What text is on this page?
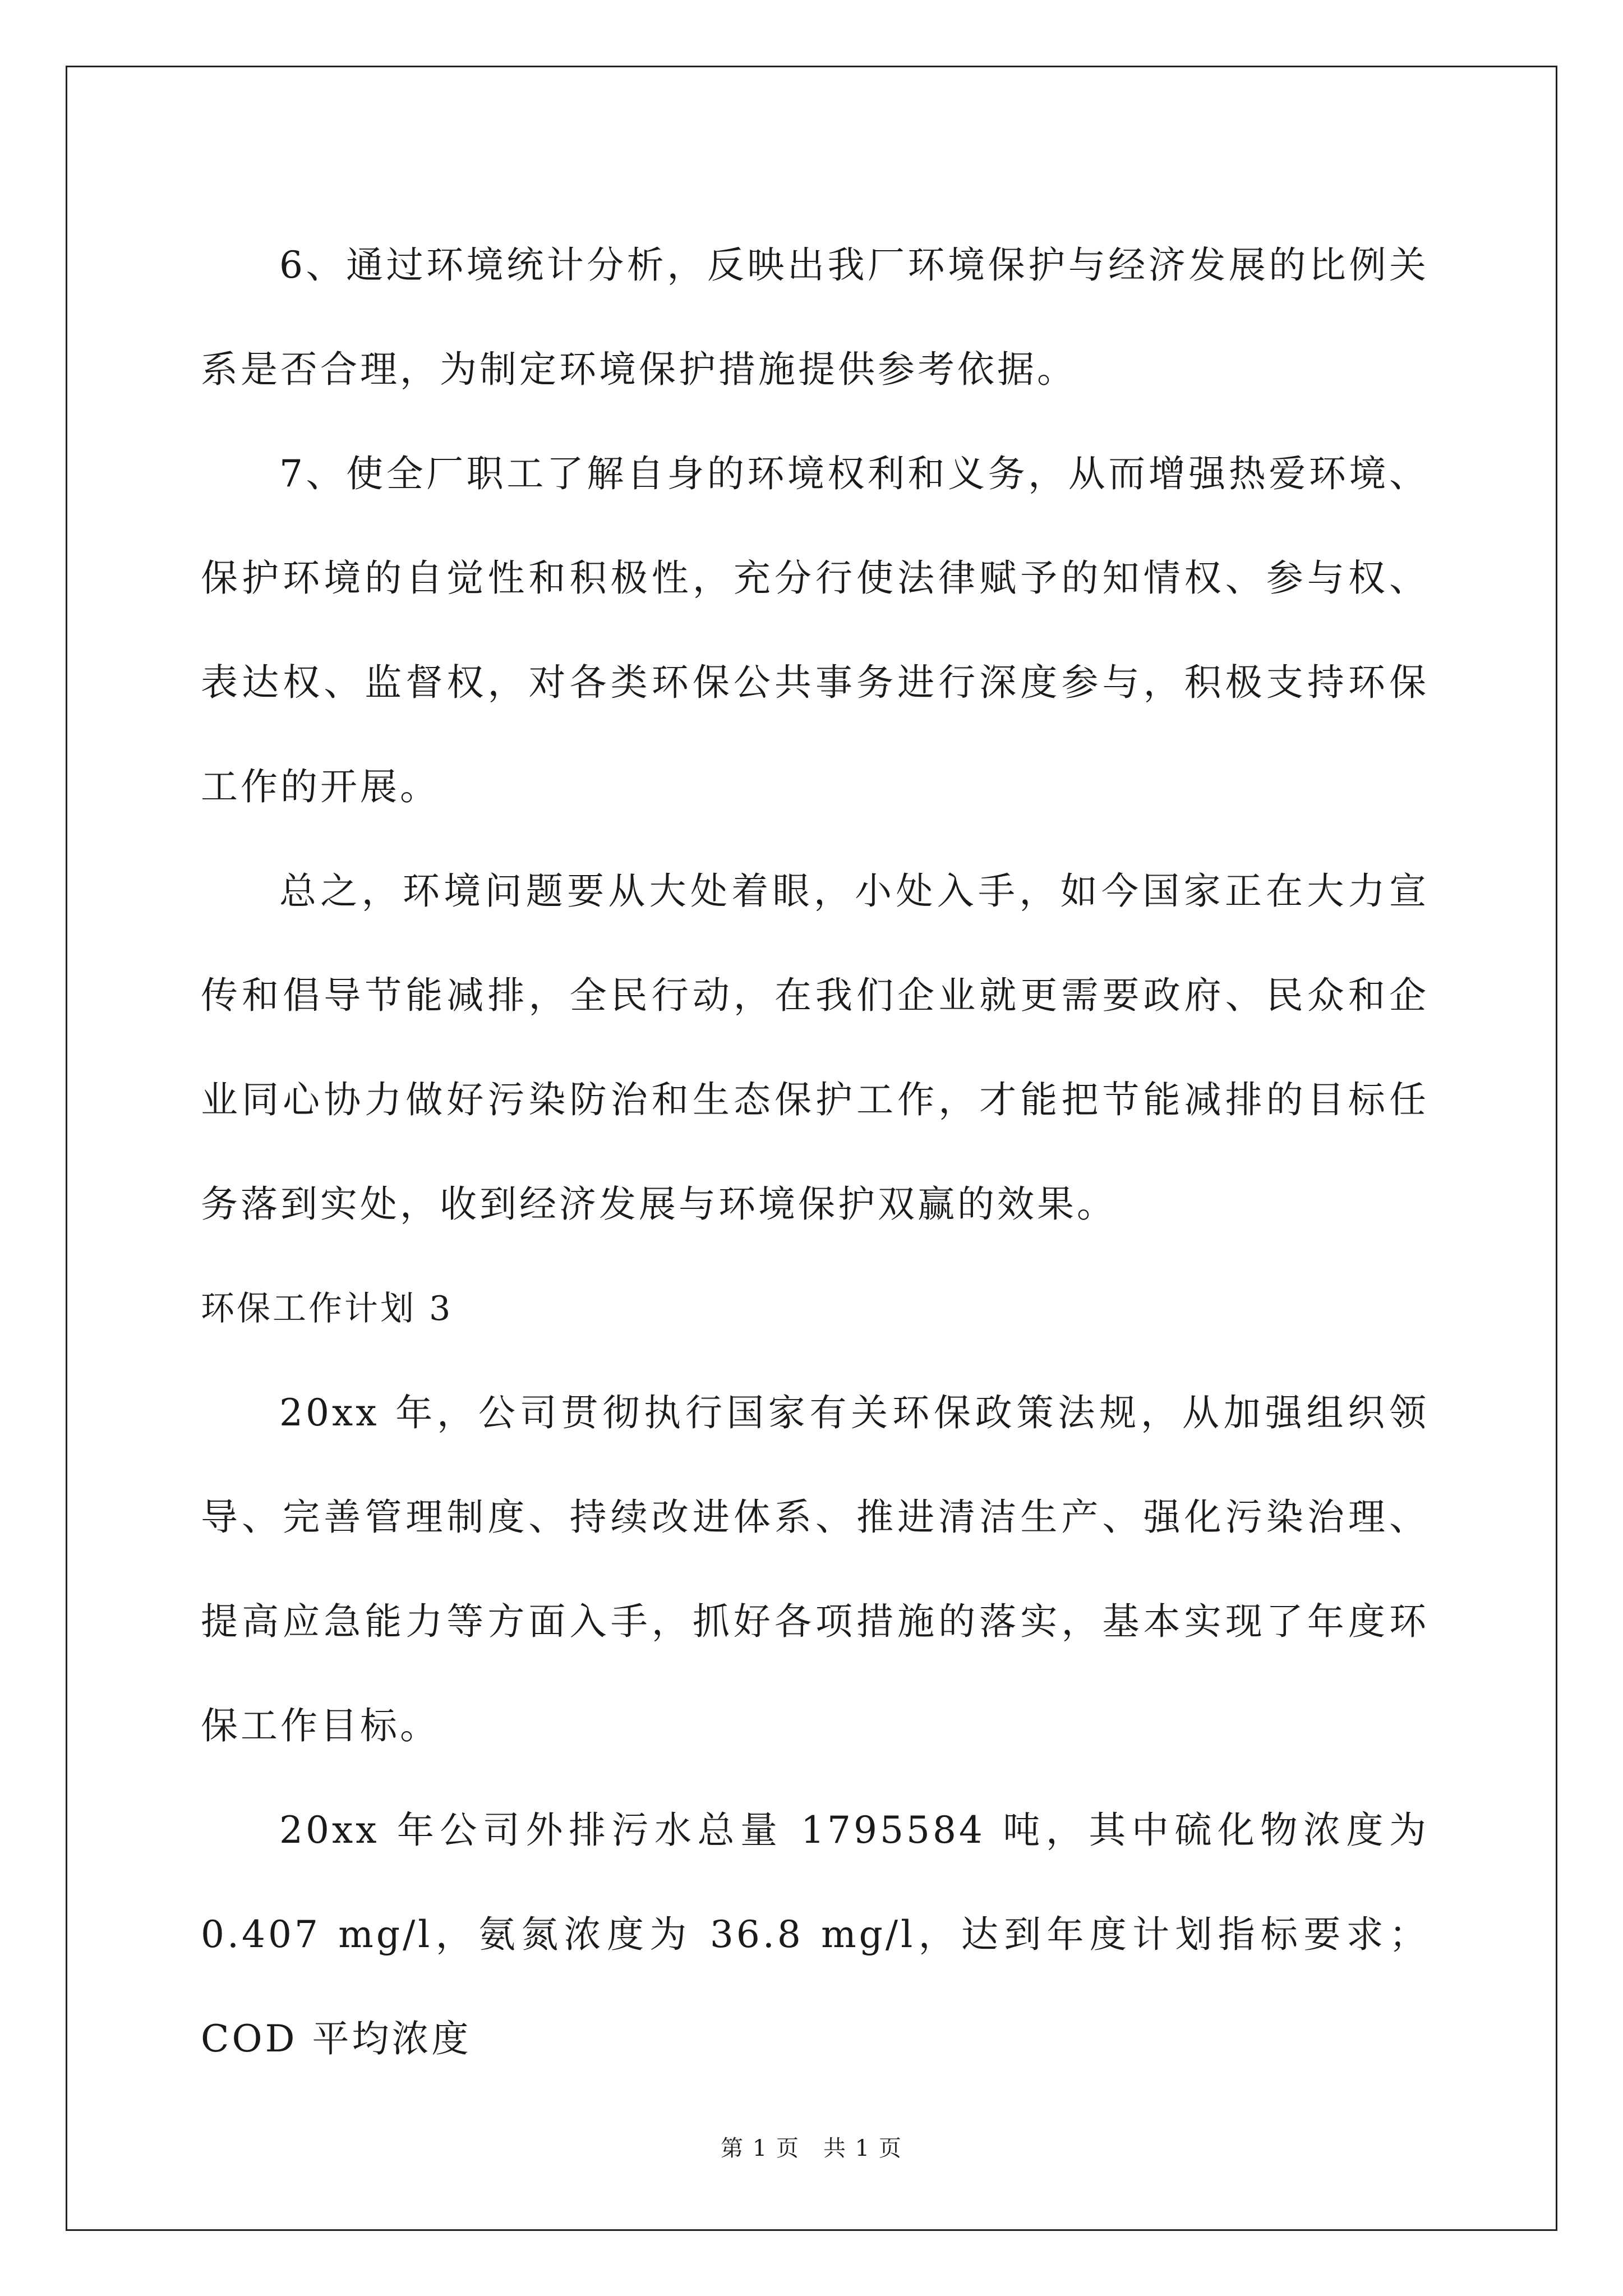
6、通过环境统计分析，反映出我厂环境保护与经济发展的比例关系是否合理，为制定环境保护措施提供参考依据。

7、使全厂职工了解自身的环境权利和义务，从而增强热爱环境、保护环境的自觉性和积极性，充分行使法律赋予的知情权、参与权、表达权、监督权，对各类环保公共事务进行深度参与，积极支持环保工作的开展。

总之，环境问题要从大处着眼，小处入手，如今国家正在大力宣传和倡导节能减排，全民行动，在我们企业就更需要政府、民众和企业同心协力做好污染防治和生态保护工作，才能把节能减排的目标任务落到实处，收到经济发展与环境保护双赢的效果。

环保工作计划 3

20xx 年，公司贯彻执行国家有关环保政策法规，从加强组织领导、完善管理制度、持续改进体系、推进清洁生产、强化污染治理、提高应急能力等方面入手，抓好各项措施的落实，基本实现了年度环保工作目标。

20xx 年公司外排污水总量 1795584 吨，其中硫化物浓度为 0.407 mg/l，氨氮浓度为 36.8 mg/l，达到年度计划指标要求；COD 平均浓度

第 1 页　共 1 页
